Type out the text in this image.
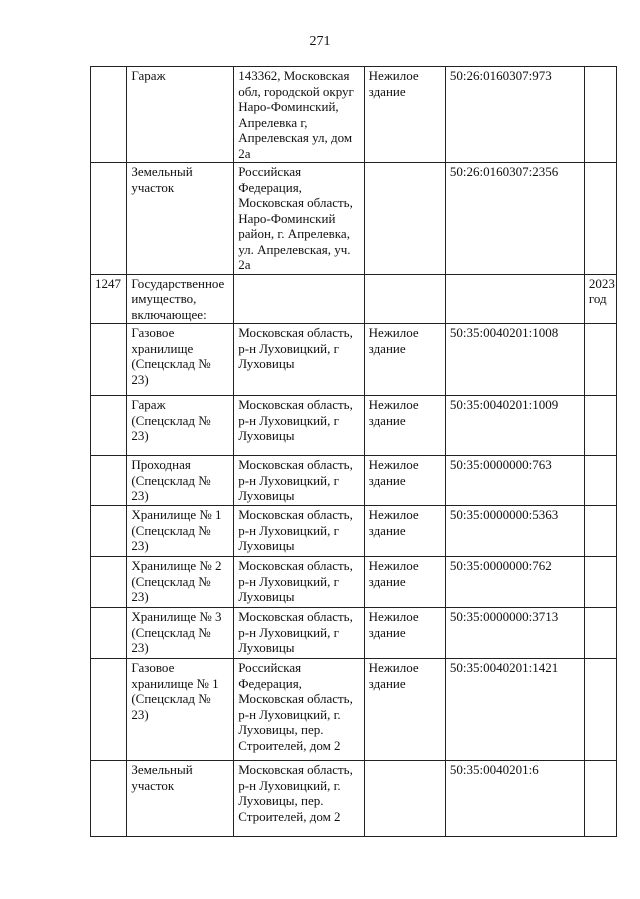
271
	Гараж	143362, Московская обл, городской округ Наро-Фоминский, Апрелевка г, Апрелевская ул, дом 2а	Нежилое здание	50:26:0160307:973	
	Земельный участок	Российская Федерация, Московская область, Наро-Фоминский район, г. Апрелевка, ул. Апрелевская, уч. 2а		50:26:0160307:2356	
1247	Государственное имущество, включающее:				2023 год
	Газовое хранилище (Спецсклад № 23)	Московская область, р-н Луховицкий, г Луховицы	Нежилое здание	50:35:0040201:1008	
	Гараж (Спецсклад № 23)	Московская область, р-н Луховицкий, г Луховицы	Нежилое здание	50:35:0040201:1009	
	Проходная (Спецсклад № 23)	Московская область, р-н Луховицкий, г Луховицы	Нежилое здание	50:35:0000000:763	
	Хранилище № 1 (Спецсклад № 23)	Московская область, р-н Луховицкий, г Луховицы	Нежилое здание	50:35:0000000:5363	
	Хранилище № 2 (Спецсклад № 23)	Московская область, р-н Луховицкий, г Луховицы	Нежилое здание	50:35:0000000:762	
	Хранилище № 3 (Спецсклад № 23)	Московская область, р-н Луховицкий, г Луховицы	Нежилое здание	50:35:0000000:3713	
	Газовое хранилище № 1 (Спецсклад № 23)	Российская Федерация, Московская область, р-н Луховицкий, г. Луховицы, пер. Строителей, дом 2	Нежилое здание	50:35:0040201:1421	
	Земельный участок	Московская область, р-н Луховицкий, г. Луховицы, пер. Строителей, дом 2		50:35:0040201:6	
